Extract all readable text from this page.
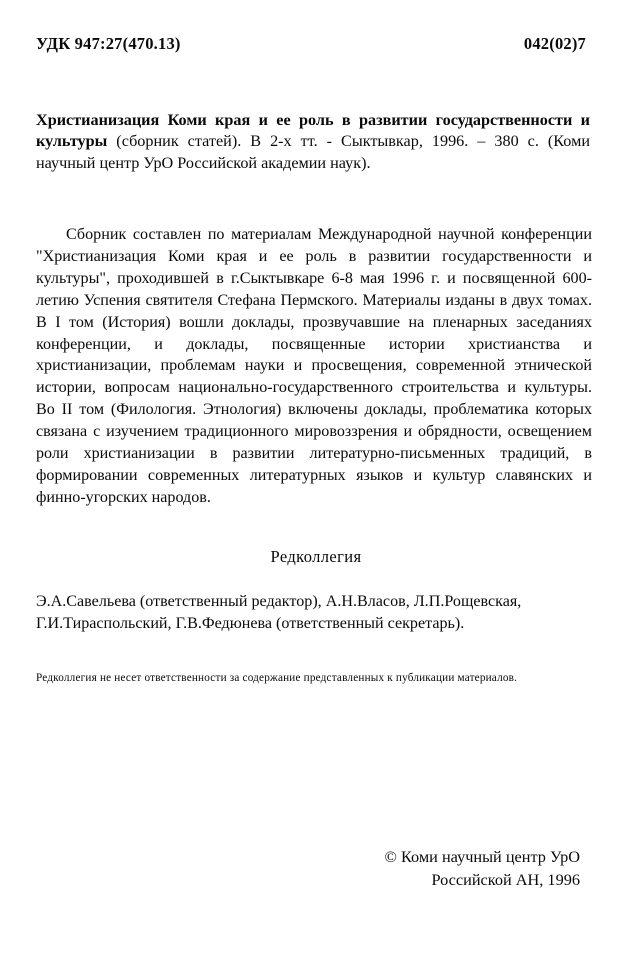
УДК 947:27(470.13)	042(02)7
Христианизация Коми края и ее роль в развитии государственности и культуры (сборник статей). В 2-х тт. - Сыктывкар, 1996. – 380 с. (Коми научный центр УрО Российской академии наук).
Сборник составлен по материалам Международной научной конференции "Христианизация Коми края и ее роль в развитии государственности и культуры", проходившей в г.Сыктывкаре 6-8 мая 1996 г. и посвященной 600-летию Успения святителя Стефана Пермского. Материалы изданы в двух томах. В I том (История) вошли доклады, прозвучавшие на пленарных заседаниях конференции, и доклады, посвященные истории христианства и христианизации, проблемам науки и просвещения, современной этнической истории, вопросам национально-государственного строительства и культуры. Во II том (Филология. Этнология) включены доклады, проблематика которых связана с изучением традиционного мировоззрения и обрядности, освещением роли христианизации в развитии литературно-письменных традиций, в формировании современных литературных языков и культур славянских и финно-угорских народов.
Редколлегия
Э.А.Савельева (ответственный редактор), А.Н.Власов, Л.П.Рощевская,
Г.И.Тираспольский, Г.В.Федюнева (ответственный секретарь).
Редколлегия не несет ответственности за содержание представленных к публикации материалов.
© Коми научный центр УрО
Российской АН, 1996
